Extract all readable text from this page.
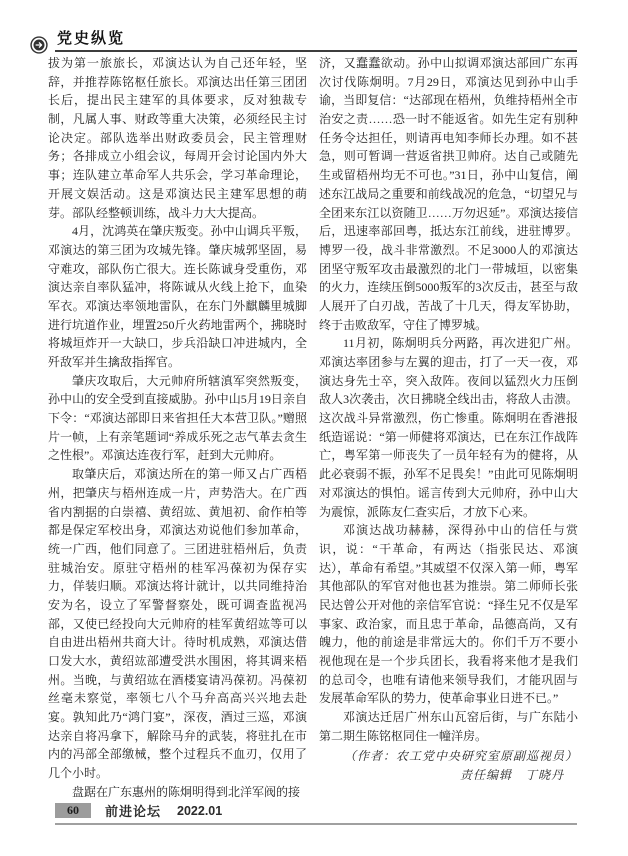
党史纵览

拔为第一旅旅长，邓演达认为自己还年轻，坚辞，并推荐陈铭枢任旅长。邓演达出任第三团团长后，提出民主建军的具体要求，反对独裁专制，凡属人事、财政等重大决策，必须经民主讨论决定。部队选举出财政委员会，民主管理财务；各排成立小组会议，每周开会讨论国内外大事；连队建立革命军人共乐会，学习革命理论，开展文娱活动。这是邓演达民主建军思想的萌芽。部队经整顿训练，战斗力大大提高。

4月，沈鸿英在肇庆叛变。孙中山调兵平叛，邓演达的第三团为攻城先锋。肇庆城郭坚固，易守难攻，部队伤亡很大。连长陈诚身受重伤，邓演达亲自率队猛冲，将陈诚从火线上抢下，血染军衣。邓演达率领地雷队，在东门外麒麟里城脚进行坑道作业，埋置250斤火药地雷两个，拂晓时将城垣炸开一大缺口，步兵沿缺口冲进城内，全歼敌军并生擒敌指挥官。

肇庆攻取后，大元帅府所辖滇军突然叛变，孙中山的安全受到直接威胁。孙中山5月19日亲自下令：“邓演达部即日来省担任大本营卫队。”赠照片一帧，上有亲笔题词“养成乐死之志气革去贪生之性根”。邓演达连夜行军，赶到大元帅府。

取肇庆后，邓演达所在的第一师又占广西梧州，把肇庆与梧州连成一片，声势浩大。在广西省内割据的白崇禧、黄绍竑、黄旭初、俞作柏等都是保定军校出身，邓演达劝说他们参加革命，统一广西，他们同意了。三团进驻梧州后，负责驻城治安。原驻守梧州的桂军冯葆初为保存实力，佯装归顺。邓演达将计就计，以共同维持治安为名，设立了军警督察处，既可调查监视冯部，又使已经投向大元帅府的桂军黄绍竑等可以自由进出梧州共商大计。待时机成熟，邓演达借口发大水，黄绍竑部遭受洪水围困，将其调来梧州。当晚，与黄绍竑在酒楼宴请冯葆初。冯葆初丝毫未察觉，率领七八个马弁高高兴兴地去赴宴。孰知此乃“鸿门宴”，深夜，酒过三巡，邓演达亲自将冯拿下，解除马弁的武装，将驻扎在市内的冯部全部缴械，整个过程兵不血刃，仅用了几个小时。

盘踞在广东惠州的陈炯明得到北洋军阀的接

济，又蠢蠢欲动。孙中山拟调邓演达部回广东再次讨伐陈炯明。7月29日，邓演达见到孙中山手谕，当即复信：“达部现在梧州，负维持梧州全市治安之责……恐一时不能返省。如先生定有别种任务令达担任，则请再电知李师长办理。如不甚急，则可暂调一营返省拱卫帅府。达自己或随先生或留梧州均无不可也。”31日，孙中山复信，阐述东江战局之重要和前线战况的危急，“切望兄与全团来东江以资随卫……万勿迟延”。邓演达接信后，迅速率部回粤，抵达东江前线，进驻博罗。博罗一役，战斗非常激烈。不足3000人的邓演达团坚守叛军攻击最激烈的北门一带城垣，以密集的火力，连续压倒5000叛军的3次反击，甚至与敌人展开了白刃战，苦战了十几天，得友军协助，终于击败敌军，守住了博罗城。

11月初，陈炯明兵分两路，再次进犯广州。邓演达率团参与左翼的迎击，打了一天一夜，邓演达身先士卒，突入敌阵。夜间以猛烈火力压倒敌人3次袭击，次日拂晓全线出击，将敌人击溃。这次战斗异常激烈，伤亡惨重。陈炯明在香港报纸造谣说：“第一师健将邓演达，已在东江作战阵亡，粤军第一师丧失了一员年轻有为的健将，从此必衰弱不振，孙军不足畏矣！”由此可见陈炯明对邓演达的惧怕。谣言传到大元帅府，孙中山大为震惊，派陈友仁查实后，才放下心来。

邓演达战功赫赫，深得孙中山的信任与赏识，说：“干革命，有两达（指张民达、邓演达），革命有希望。”其威望不仅深入第一师，粤军其他部队的军官对他也甚为推崇。第二师师长张民达曾公开对他的亲信军官说：“择生兄不仅是军事家、政治家，而且忠于革命，品德高尚，又有魄力，他的前途是非常远大的。你们千万不要小视他现在是一个步兵团长，我看将来他才是我们的总司令，也唯有请他来领导我们，才能巩固与发展革命军队的势力，使革命事业日进不已。”

邓演达迁居广州东山瓦窑后街，与广东陆小第二期生陈铭枢同住一幢洋房。

（作者：农工党中央研究室原副巡视员）

责任编辑　丁晓丹

60	前进论坛 2022.01
